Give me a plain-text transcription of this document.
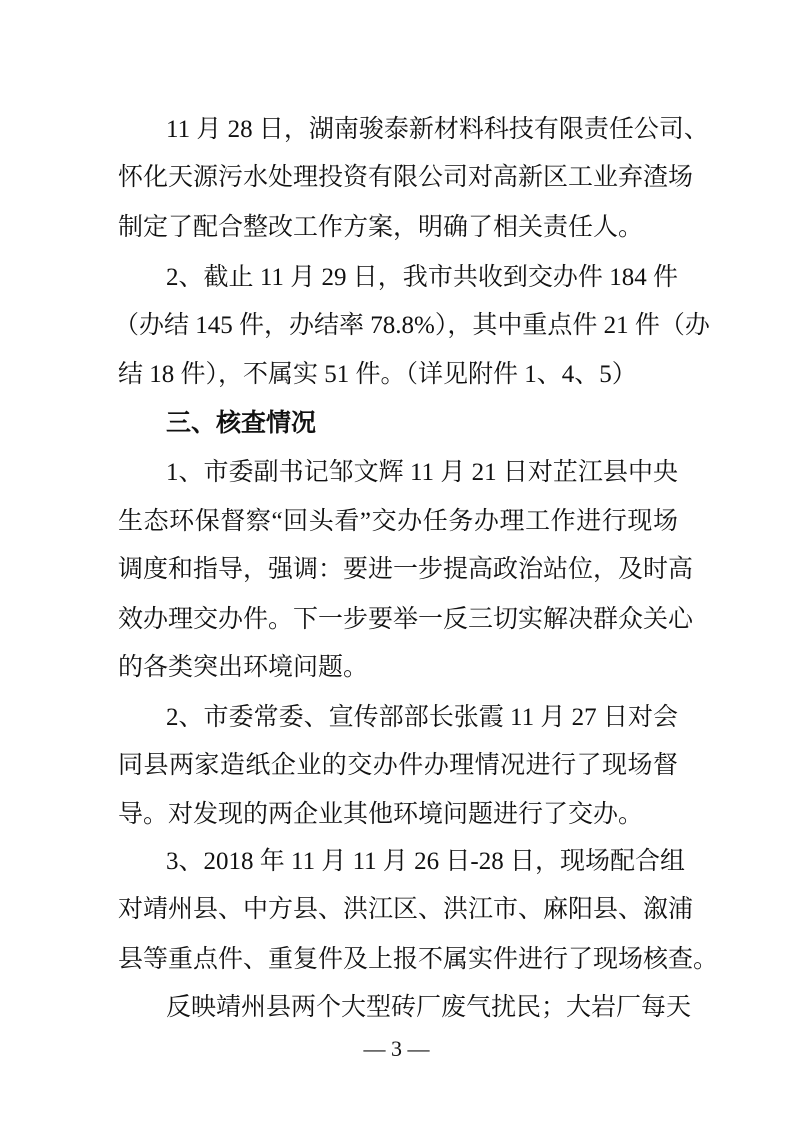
11 月 28 日，湖南骏泰新材料科技有限责任公司、
怀化天源污水处理投资有限公司对高新区工业弃渣场
制定了配合整改工作方案，明确了相关责任人。
2、截止 11 月 29 日，我市共收到交办件 184 件
（办结 145 件，办结率 78.8%），其中重点件 21 件（办
结 18 件），不属实 51 件。（详见附件 1、4、5）
三、核查情况
1、市委副书记邹文辉 11 月 21 日对芷江县中央
生态环保督察“回头看”交办任务办理工作进行现场
调度和指导，强调：要进一步提高政治站位，及时高
效办理交办件。下一步要举一反三切实解决群众关心
的各类突出环境问题。
2、市委常委、宣传部部长张霞 11 月 27 日对会
同县两家造纸企业的交办件办理情况进行了现场督
导。对发现的两企业其他环境问题进行了交办。
3、2018 年 11 月 11 月 26 日-28 日，现场配合组
对靖州县、中方县、洪江区、洪江市、麻阳县、溆浦
县等重点件、重复件及上报不属实件进行了现场核查。
反映靖州县两个大型砖厂废气扰民；大岩厂每天
— 3 —
